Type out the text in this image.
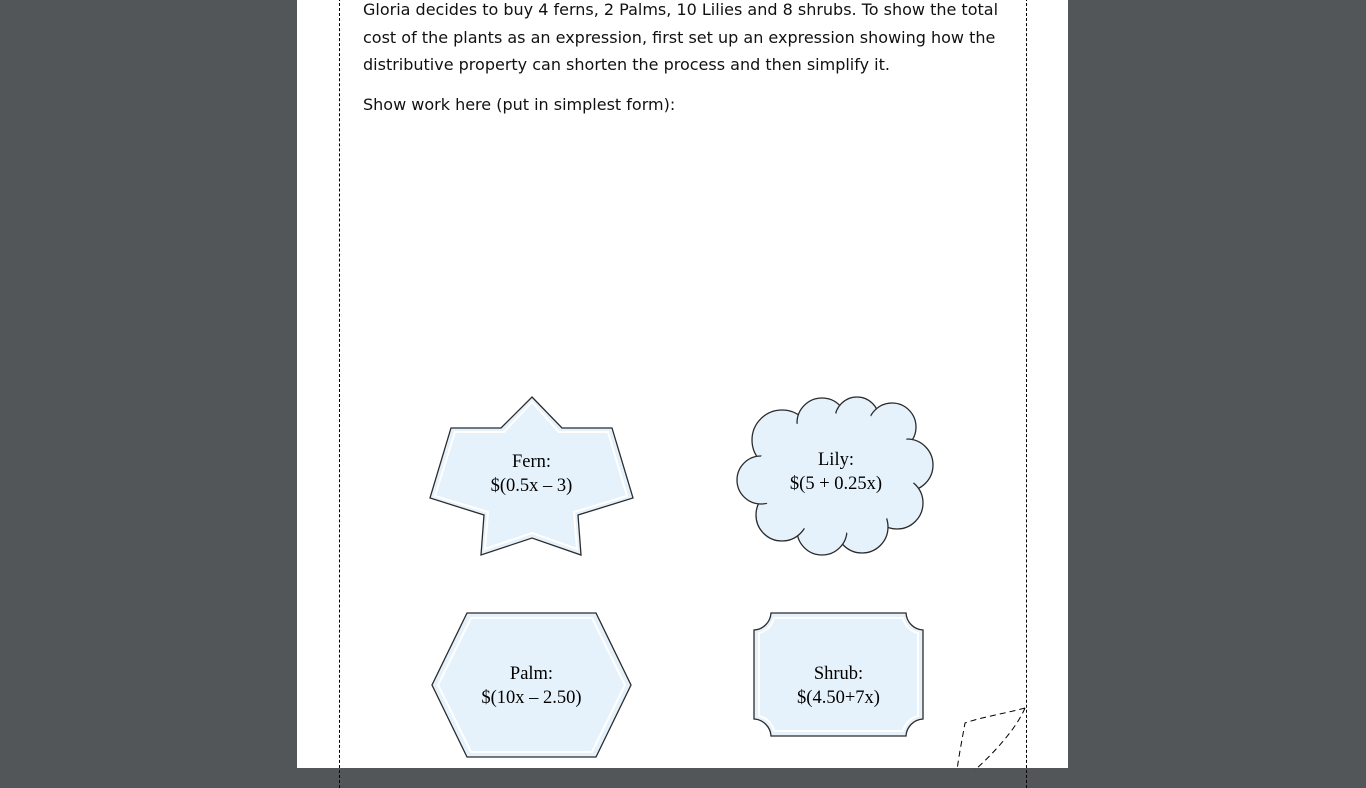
Gloria decides to buy 4 ferns, 2 Palms, 10 Lilies and 8 shrubs. To show the total cost of the plants as an expression, first set up an expression showing how the distributive property can shorten the process and then simplify it.

Show work here (put in simplest form):

Fern:
$(0.5x – 3)
Lily:
$(5 + 0.25x)
Palm:
$(10x – 2.50)
Shrub:
$(4.50+7x)
